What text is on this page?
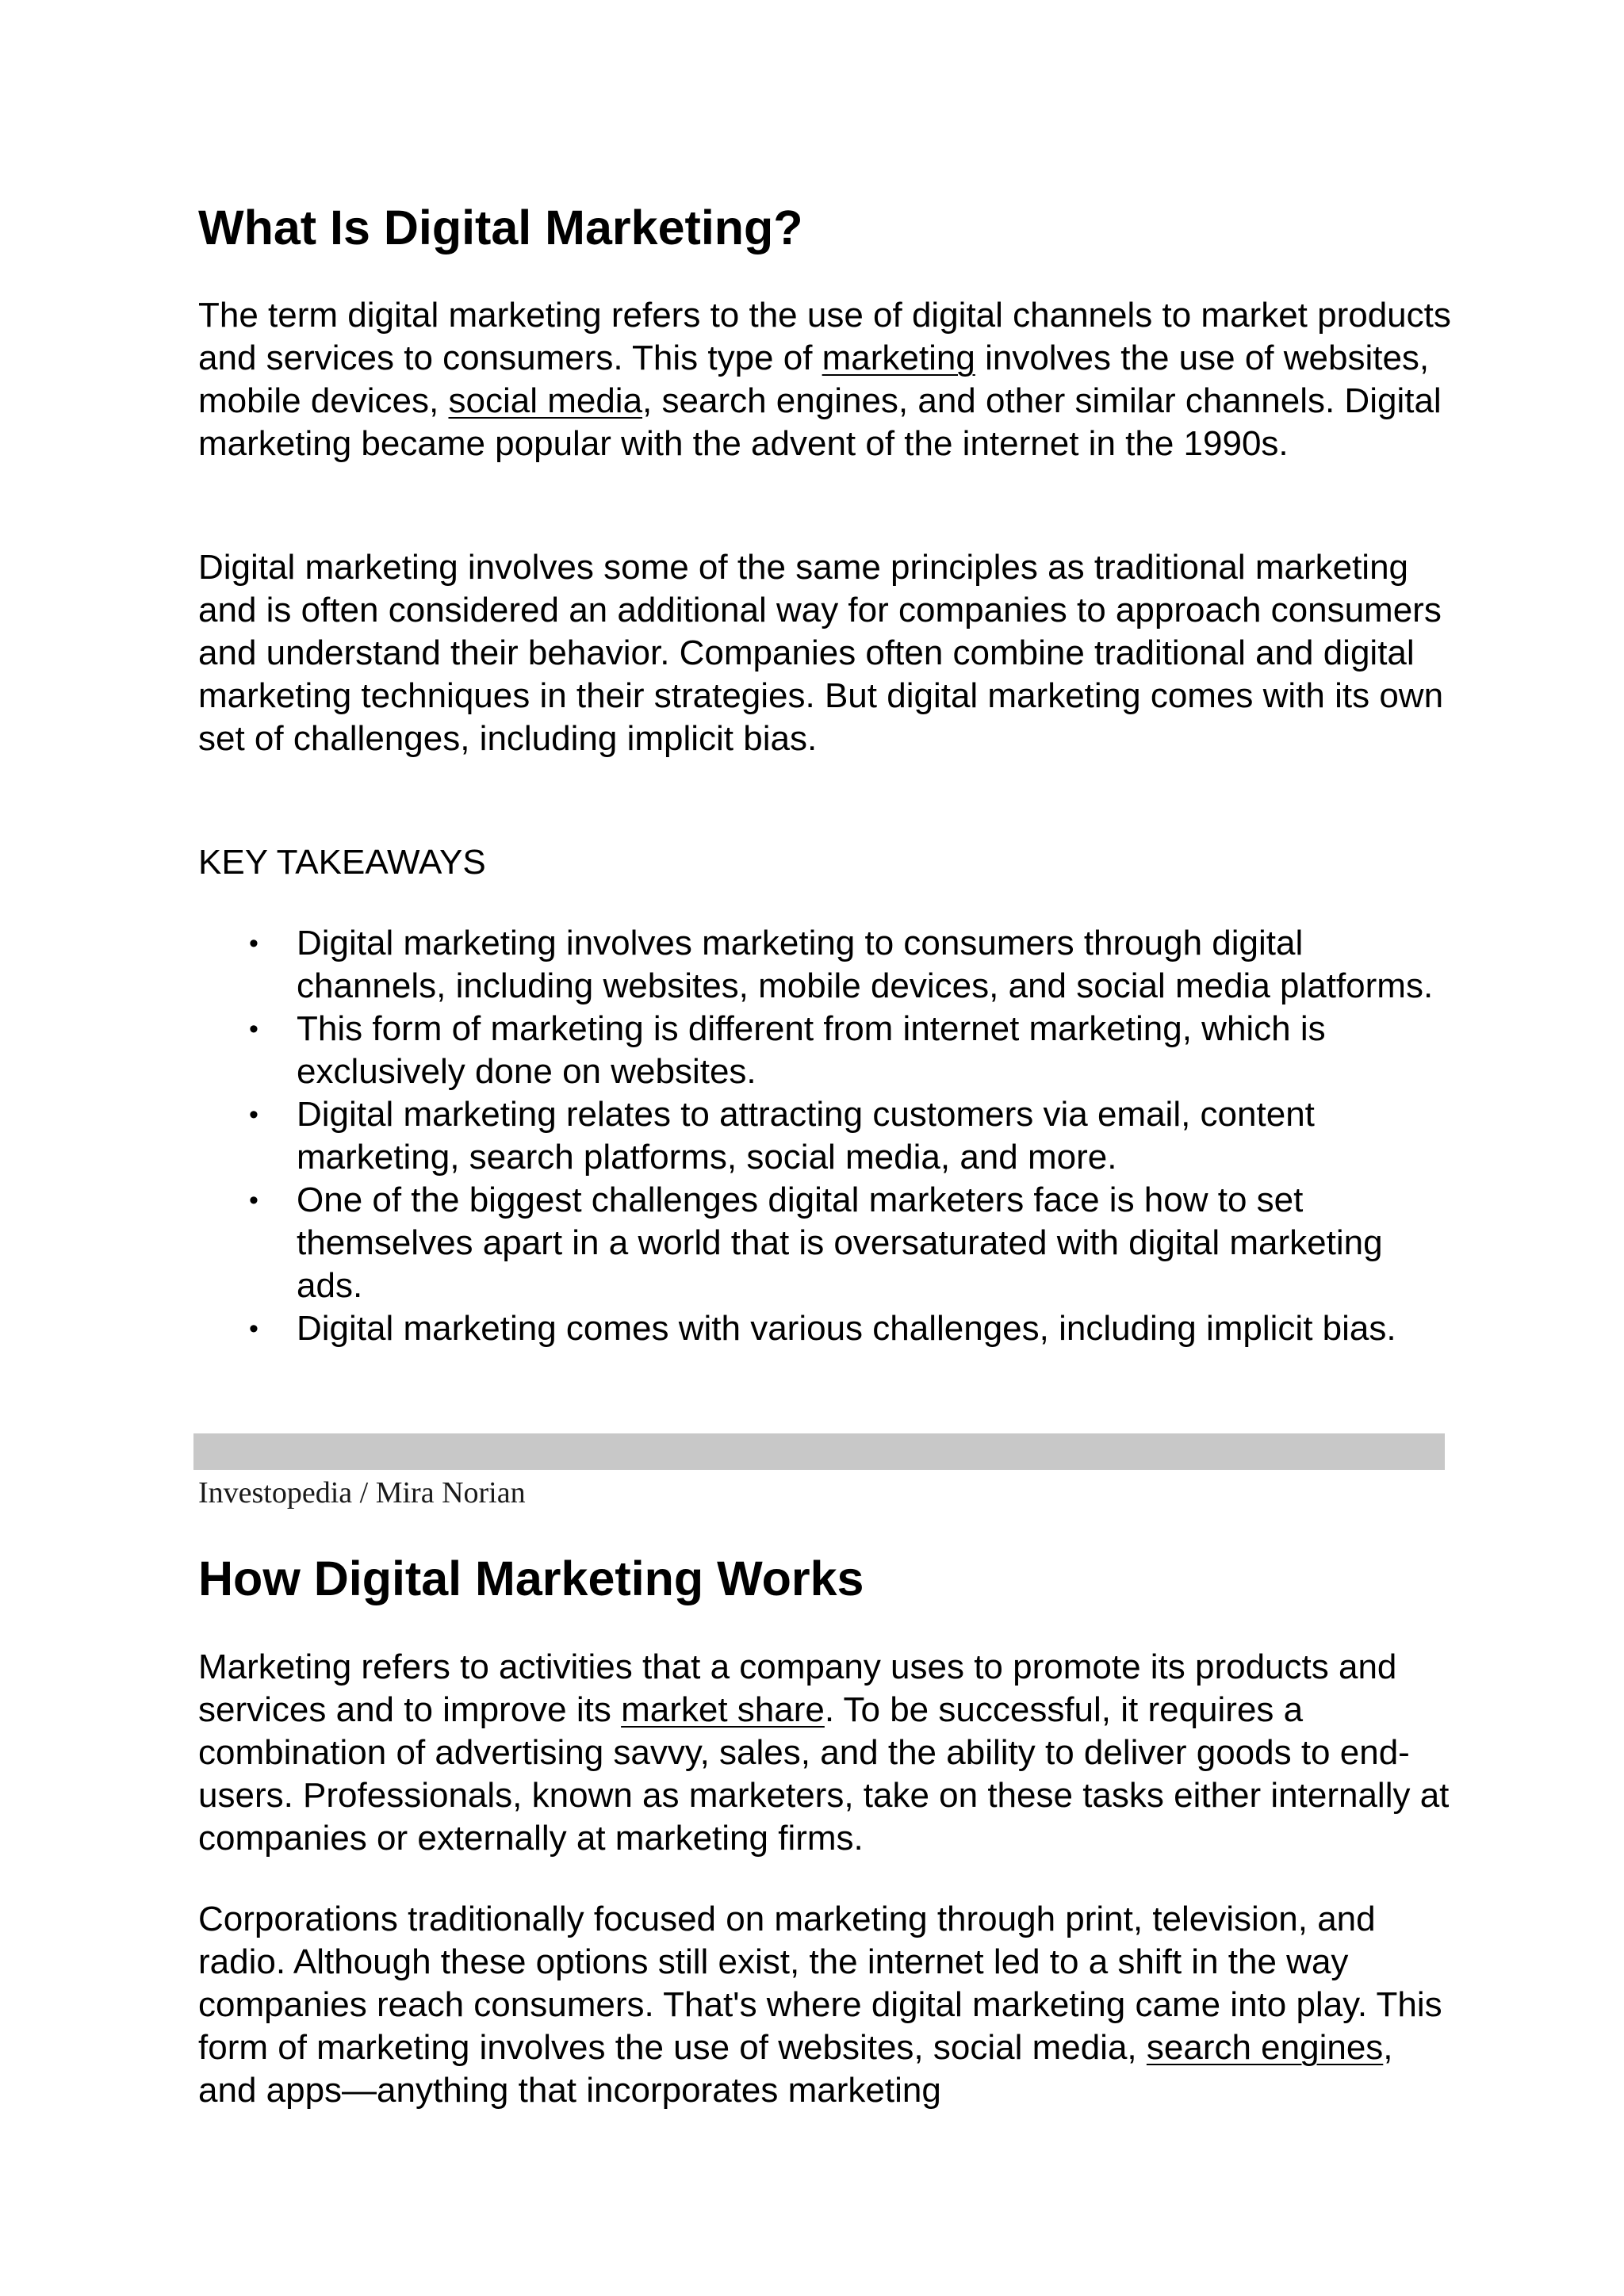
What Is Digital Marketing?

The term digital marketing refers to the use of digital channels to market products and services to consumers. This type of marketing involves the use of websites, mobile devices, social media, search engines, and other similar channels. Digital marketing became popular with the advent of the internet in the 1990s.

Digital marketing involves some of the same principles as traditional marketing and is often considered an additional way for companies to approach consumers and understand their behavior. Companies often combine traditional and digital marketing techniques in their strategies. But digital marketing comes with its own set of challenges, including implicit bias.

KEY TAKEAWAYS

• Digital marketing involves marketing to consumers through digital channels, including websites, mobile devices, and social media platforms.
• This form of marketing is different from internet marketing, which is exclusively done on websites.
• Digital marketing relates to attracting customers via email, content marketing, search platforms, social media, and more.
• One of the biggest challenges digital marketers face is how to set themselves apart in a world that is oversaturated with digital marketing ads.
• Digital marketing comes with various challenges, including implicit bias.
Investopedia / Mira Norian
How Digital Marketing Works

Marketing refers to activities that a company uses to promote its products and services and to improve its market share. To be successful, it requires a combination of advertising savvy, sales, and the ability to deliver goods to end-users. Professionals, known as marketers, take on these tasks either internally at companies or externally at marketing firms.

Corporations traditionally focused on marketing through print, television, and radio. Although these options still exist, the internet led to a shift in the way companies reach consumers. That's where digital marketing came into play. This form of marketing involves the use of websites, social media, search engines, and apps—anything that incorporates marketing
